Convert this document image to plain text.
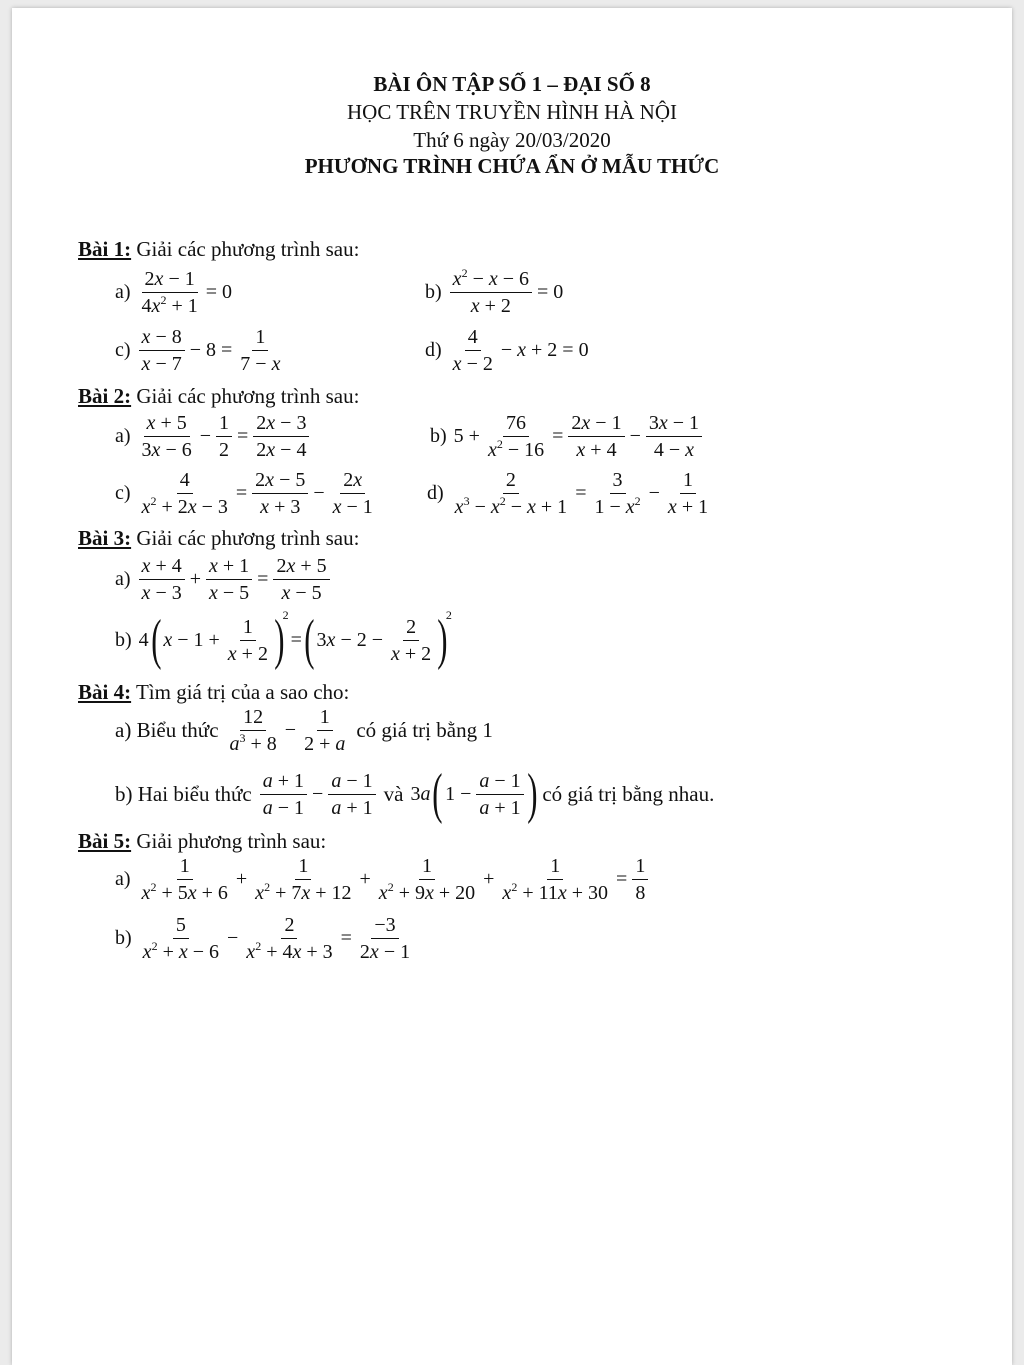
BÀI ÔN TẬP SỐ 1 – ĐẠI SỐ 8
HỌC TRÊN TRUYỀN HÌNH HÀ NỘI
Thứ 6 ngày 20/03/2020
PHƯƠNG TRÌNH CHỨA ẨN Ở MẪU THỨC
Bài 1: Giải các phương trình sau:
a)
$\frac{2x - 1}{4x^2 + 1} = 0$	b)
$\frac{x^2 - x - 6}{x + 2} = 0$
c)
$\frac{x - 8}{x - 7} - 8 = \frac{1}{7 - x}$	d)
$\frac{4}{x - 2} - x + 2 = 0$
Bài 2: Giải các phương trình sau:
a)
$\frac{x + 5}{3x - 6} - \frac{1}{2} = \frac{2x - 3}{2x - 4}$	b)
$5 + \frac{76}{x^2 - 16} = \frac{2x - 1}{x + 4} - \frac{3x - 1}{4 - x}$
c)
$\frac{4}{x^2 + 2x - 3} = \frac{2x - 5}{x + 3} - \frac{2x}{x - 1}$	d)
$\frac{2}{x^3 - x^2 - x + 1} = \frac{3}{1 - x^2} - \frac{1}{x + 1}$
Bài 3: Giải các phương trình sau:
a)
$\frac{x + 4}{x - 3} + \frac{x + 1}{x - 5} = \frac{2x + 5}{x - 5}$
b)
4 ( $x - 1 + \frac{1}{x + 2}$ )
2
= ( $3x - 2 - \frac{2}{x + 2}$ )
2
Bài 4: Tìm giá trị của a sao cho:
a) Biểu thức
$\frac{12}{a^3 + 8} - \frac{1}{2 + a}$
có giá trị bằng 1
b) Hai biểu thức
$\frac{a + 1}{a - 1} - \frac{a - 1}{a + 1}$
và
3a ( $1 - \frac{a - 1}{a + 1}$ )
có giá trị bằng nhau.
Bài 5: Giải phương trình sau:
a)
$\frac{1}{x^2 + 5x + 6} + \frac{1}{x^2 + 7x + 12} + \frac{1}{x^2 + 9x + 20} + \frac{1}{x^2 + 11x + 30} = \frac{1}{8}$
b)
$\frac{5}{x^2 + x - 6} - \frac{2}{x^2 + 4x + 3} = \frac{-3}{2x - 1}$
